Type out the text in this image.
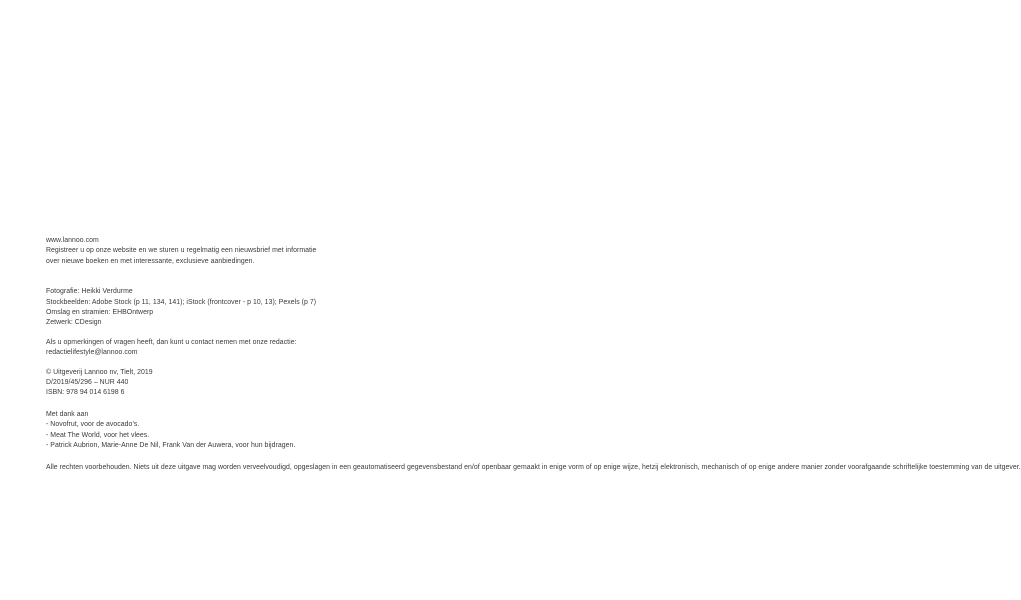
www.lannoo.com

Registreer u op onze website en we sturen u regelmatig een nieuwsbrief met informatie

over nieuwe boeken en met interessante, exclusieve aanbiedingen.

Fotografie: Heikki Verdurme

Stockbeelden: Adobe Stock (p 11, 134, 141); iStock (frontcover - p 10, 13); Pexels (p 7)

Omslag en stramien: EHBOntwerp

Zetwerk: CDesign

Als u opmerkingen of vragen heeft, dan kunt u contact nemen met onze redactie:

redactielifestyle@lannoo.com

© Uitgeverij Lannoo nv, Tielt, 2019

D/2019/45/296 – NUR 440

ISBN: 978 94 014 6198 6

Met dank aan

- Novofrut, voor de avocado’s.

- Meat The World, voor het vlees.

- Patrick Aubrion, Marie-Anne De Nil, Frank Van der Auwera, voor hun bijdragen.

Alle rechten voorbehouden. Niets uit deze uitgave mag worden verveelvoudigd, opgeslagen in een geautomatiseerd gegevensbestand en/of openbaar gemaakt in enige vorm of op enige wijze, hetzij elektronisch, mechanisch of op enige andere manier zonder voorafgaande schriftelijke toestemming van de uitgever.
